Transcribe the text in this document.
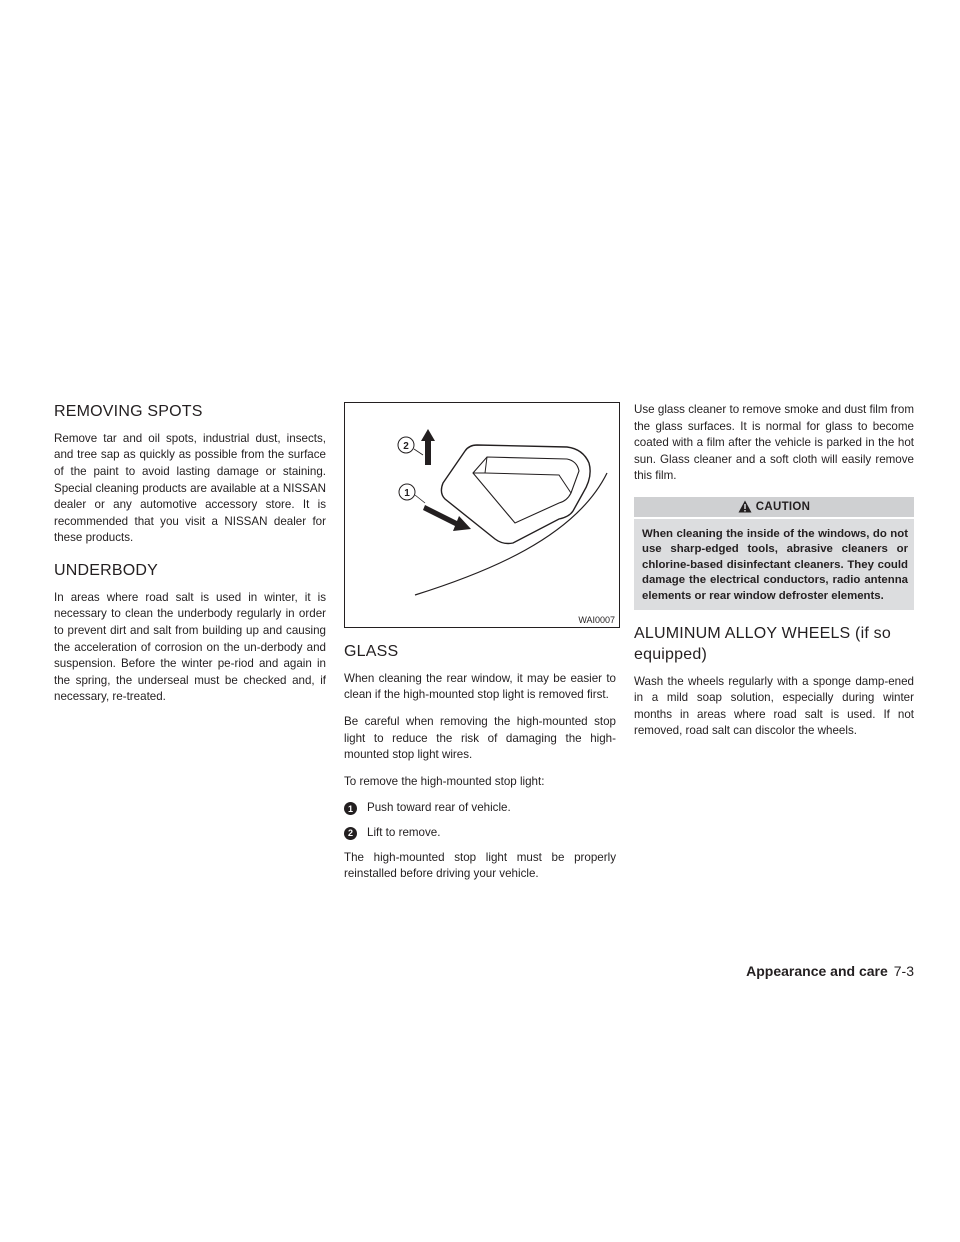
REMOVING SPOTS

Remove tar and oil spots, industrial dust, insects, and tree sap as quickly as possible from the surface of the paint to avoid lasting damage or staining. Special cleaning products are available at a NISSAN dealer or any automotive accessory store. It is recommended that you visit a NISSAN dealer for these products.

UNDERBODY

In areas where road salt is used in winter, it is necessary to clean the underbody regularly in order to prevent dirt and salt from building up and causing the acceleration of corrosion on the un-derbody and suspension. Before the winter pe-riod and again in the spring, the underseal must be checked and, if necessary, re-treated.

2
1
WAI0007
GLASS

When cleaning the rear window, it may be easier to clean if the high-mounted stop light is removed first.

Be careful when removing the high-mounted stop light to reduce the risk of damaging the high-mounted stop light wires.

To remove the high-mounted stop light:

1	Push toward rear of vehicle.
2	Lift to remove.

The high-mounted stop light must be properly reinstalled before driving your vehicle.

Use glass cleaner to remove smoke and dust film from the glass surfaces. It is normal for glass to become coated with a film after the vehicle is parked in the hot sun. Glass cleaner and a soft cloth will easily remove this film.

CAUTION
When cleaning the inside of the windows, do not use sharp-edged tools, abrasive cleaners or chlorine-based disinfectant cleaners. They could damage the electrical conductors, radio antenna elements or rear window defroster elements.
ALUMINUM ALLOY WHEELS (if so equipped)

Wash the wheels regularly with a sponge damp-ened in a mild soap solution, especially during winter months in areas where road salt is used. If not removed, road salt can discolor the wheels.

Appearance and care 7-3
